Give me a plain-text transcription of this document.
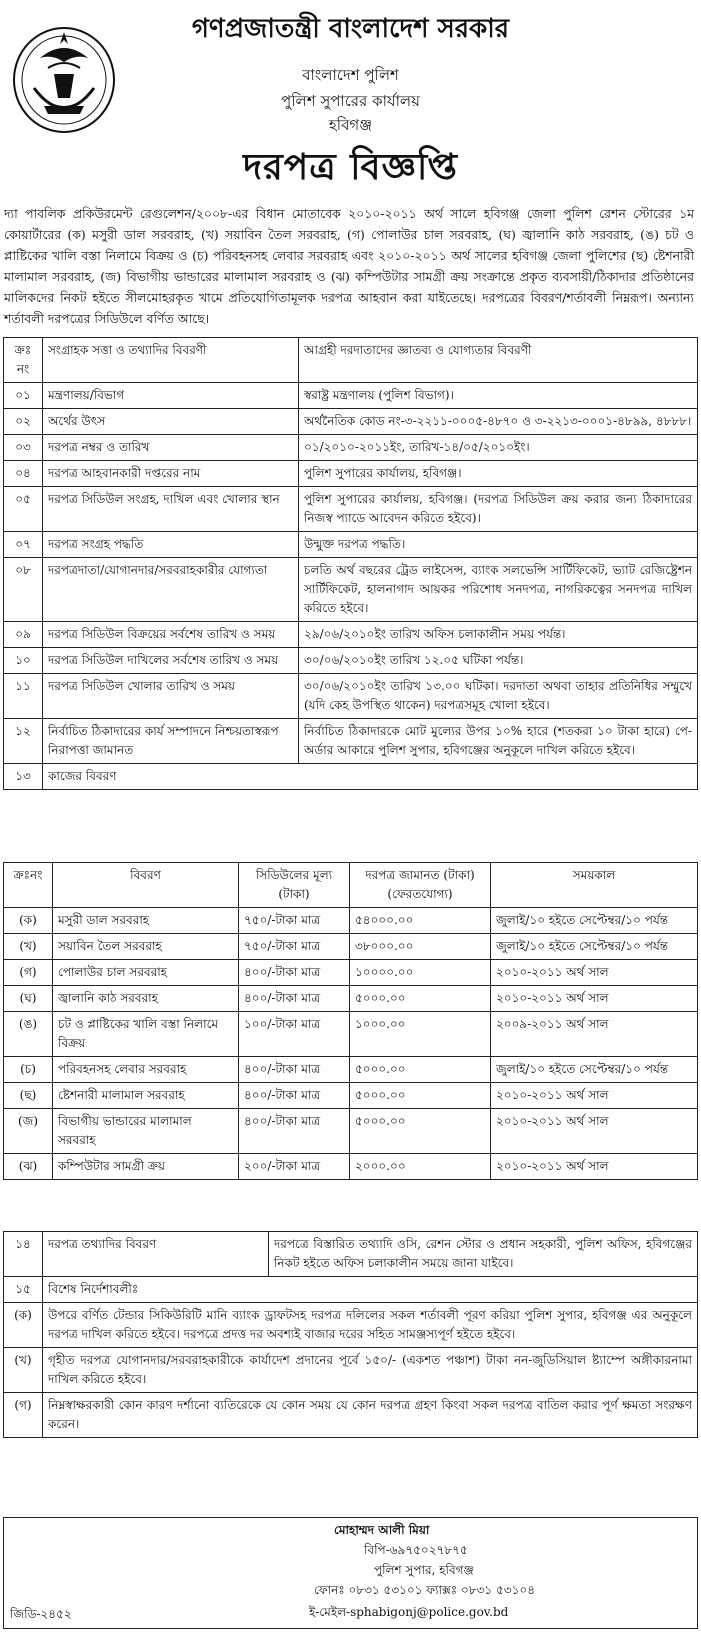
গণপ্রজাতন্ত্রী বাংলাদেশ সরকার
বাংলাদেশ পুলিশ
পুলিশ সুপারের কার্যালয়
হবিগঞ্জ
দরপত্র বিজ্ঞপ্তি
দ্যা পাবলিক প্রকিউরমেন্ট রেগুলেশন/২০০৮-এর বিধান মোতাবেক ২০১০-২০১১ অর্থ সালে হবিগঞ্জ জেলা পুলিশ রেশন স্টোরের ১ম কোয়ার্টারের (ক) মসুরী ডাল সরবরাহ, (খ) সয়াবিন তৈল সরবরাহ, (গ) পোলাউর চাল সরবরাহ, (ঘ) জ্বালানি কাঠ সরবরাহ, (ঙ) চট ও প্লাষ্টিকের খালি বস্তা নিলামে বিক্রয় ও (চ) পরিবহনসহ লেবার সরবরাহ এবং ২০১০-২০১১ অর্থ সালের হবিগঞ্জ জেলা পুলিশের (ছ) ষ্টেশনারী মালামাল সরবরাহ, (জ) বিভাগীয় ভান্ডারের মালামাল সরবরাহ ও (ঝ) কম্পিউটার সামগ্রী ক্রয় সংক্রান্তে প্রকৃত ব্যবসায়ী/ঠিকাদার প্রতিষ্ঠানের মালিকদের নিকট হইতে সীলমোহরকৃত খামে প্রতিযোগিতামূলক দরপত্র আহবান করা যাইতেছে। দরপত্রের বিবরণ/শর্তাবলী নিম্নরূপ। অন্যান্য শর্তাবলী দরপত্রের সিডিউলে বর্ণিত আছে।
ক্রঃ নং	সংগ্রাহক সত্তা ও তথ্যাদির বিবরণী	আগ্রহী দরদাতাদের জ্ঞাতব্য ও যোগ্যতার বিবরণী
০১	মন্ত্রণালয়/বিভাগ	স্বরাষ্ট্র মন্ত্রণালয় (পুলিশ বিভাগ)।
০২	অর্থের উৎস	অর্থনৈতিক কোড নং-৩-২২১১-০০০৫-৪৮৭০ ও ৩-২২১৩-০০০১-৪৮৯৯, ৪৮৮৮।
০৩	দরপত্র নম্বর ও তারিখ	০১/২০১০-২০১১ইং, তারিখ-১৪/০৫/২০১০ইং।
০৪	দরপত্র আহবানকারী দপ্তরের নাম	পুলিশ সুপারের কার্যালয়, হবিগঞ্জ।
০৫	দরপত্র সিডিউল সংগ্রহ, দাখিল এবং খোলার স্থান	পুলিশ সুপারের কার্যালয়, হবিগঞ্জ। (দরপত্র সিডিউল ক্রয় করার জন্য ঠিকাদারের নিজস্ব প্যাডে আবেদন করিতে হইবে)।
০৭	দরপত্র সংগ্রহ পদ্ধতি	উন্মুক্ত দরপত্র পদ্ধতি।
০৮	দরপত্রদাতা/যোগানদার/সরবরাহকারীর যোগ্যতা	চলতি অর্থ বছরের ট্রেড লাইসেন্স, ব্যাংক সলভেন্সি সার্টিফিকেট, ভ্যাট রেজিষ্ট্রেশন সার্টিফিকেট, হালনাগাদ আয়কর পরিশোধ সনদপত্র, নাগরিকত্বের সনদপত্র দাখিল করিতে হইবে।
০৯	দরপত্র সিডিউল বিক্রয়ের সর্বশেষ তারিখ ও সময়	২৯/০৬/২০১০ইং তারিখ অফিস চলাকালীন সময় পর্যন্ত।
১০	দরপত্র সিডিউল দাখিলের সর্বশেষ তারিখ ও সময়	৩০/০৬/২০১০ইং তারিখ ১২.০৫ ঘটিকা পর্যন্ত।
১১	দরপত্র সিডিউল খোলার তারিখ ও সময়	৩০/০৬/২০১০ইং তারিখ ১৩.০০ ঘটিকা। দরদাতা অথবা তাহার প্রতিনিধির সম্মুখে (যদি কেহ উপস্থিত থাকেন) দরপত্রসমূহ খোলা হইবে।
১২	নির্বাচিত ঠিকাদারের কার্য সম্পাদনে নিশ্চয়তাস্বরূপ নিরাপত্তা জামানত	নির্বাচিত ঠিকাদারকে মোট মুল্যের উপর ১০% হারে (শতকরা ১০ টাকা হারে) পে-অর্ডার আকারে পুলিশ সুপার, হবিগঞ্জের অনুকূলে দাখিল করিতে হইবে।
১৩	কাজের বিবরণ	
ক্রঃনং	বিবরণ	সিডিউলের মূল্য (টাকা)	দরপত্র জামানত (টাকা) (ফেরতযোগ্য)	সময়কাল
(ক)	মসুরী ডাল সরবরাহ	৭৫০/-টাকা মাত্র	৫৪০০০.০০	জুলাই/১০ হইতে সেপ্টেম্বর/১০ পর্যন্ত
(খ)	সয়াবিন তৈল সরবরাহ	৭৫০/-টাকা মাত্র	৩৮০০০.০০	জুলাই/১০ হইতে সেপ্টেম্বর/১০ পর্যন্ত
(গ)	পোলাউর চাল সরবরাহ	৪০০/-টাকা মাত্র	১০০০০.০০	২০১০-২০১১ অর্থ সাল
(ঘ)	জ্বালানি কাঠ সরবরাহ	৪০০/-টাকা মাত্র	৫০০০.০০	২০১০-২০১১ অর্থ সাল
(ঙ)	চট ও প্লাষ্টিকের খালি বস্তা নিলামে বিক্রয়	১০০/-টাকা মাত্র	১০০০.০০	২০০৯-২০১১ অর্থ সাল
(চ)	পরিবহনসহ লেবার সরবরাহ	৪০০/-টাকা মাত্র	৫০০০.০০	জুলাই/১০ হইতে সেপ্টেম্বর/১০ পর্যন্ত
(ছ)	ষ্টেশনারী মালামাল সরবরাহ	৪০০/-টাকা মাত্র	৫০০০.০০	২০১০-২০১১ অর্থ সাল
(জ)	বিভাগীয় ভান্ডারের মালামাল সরবরাহ	৪০০/-টাকা মাত্র	৫০০০.০০	২০১০-২০১১ অর্থ সাল
(ঝ)	কম্পিউটার সামগ্রী ক্রয়	২০০/-টাকা মাত্র	২০০০.০০	২০১০-২০১১ অর্থ সাল
১৪	দরপত্র তথ্যাদির বিবরণ	দরপত্রে বিস্তারিত তথ্যাদি ওসি, রেশন স্টোর ও প্রধান সহকারী, পুলিশ অফিস, হবিগঞ্জের নিকট হইতে অফিস চলাকালীন সময়ে জানা যাইবে।
১৫	বিশেষ নির্দেশাবলীঃ	
(ক)	উপরে বর্ণিত টেন্ডার সিকিউরিটি মানি ব্যাংক ড্রাফটসহ দরপত্র দলিলের সকল শর্তাবলী পূরণ করিয়া পুলিশ সুপার, হবিগঞ্জ এর অনুকূলে দরপত্র দাখিল করিতে হইবে। দরপত্রে প্রদত্ত দর অবশ্যই বাজার দরের সহিত সামঞ্জস্যপূর্ণ হইতে হইবে।	
(খ)	গৃহীত দরপত্র যোগানদার/সরবরাহকারীকে কার্যাদেশ প্রদানের পূর্বে ১৫০/- (একশত পঞ্চাশ) টাকা নন-জুডিসিয়াল ষ্ট্যাম্পে অঙ্গীকারনামা দাখিল করিতে হইবে।	
(গ)	নিম্নস্বাক্ষরকারী কোন কারণ দর্শানো ব্যতিরেকে যে কোন সময় যে কোন দরপত্র গ্রহণ কিংবা সকল দরপত্র বাতিল করার পূর্ণ ক্ষমতা সংরক্ষণ করেন।	
মোহাম্মদ আলী মিয়া
বিপি-৬৯৭৫০২৭৮৭৫
পুলিশ সুপার, হবিগঞ্জ
ফোনঃ ০৮৩১ ৫৩১০১ ফ্যাক্সঃ ০৮৩১ ৫৩১০৪
ই-মেইল-sphabigonj@police.gov.bd
জিডি-২৪৫২
